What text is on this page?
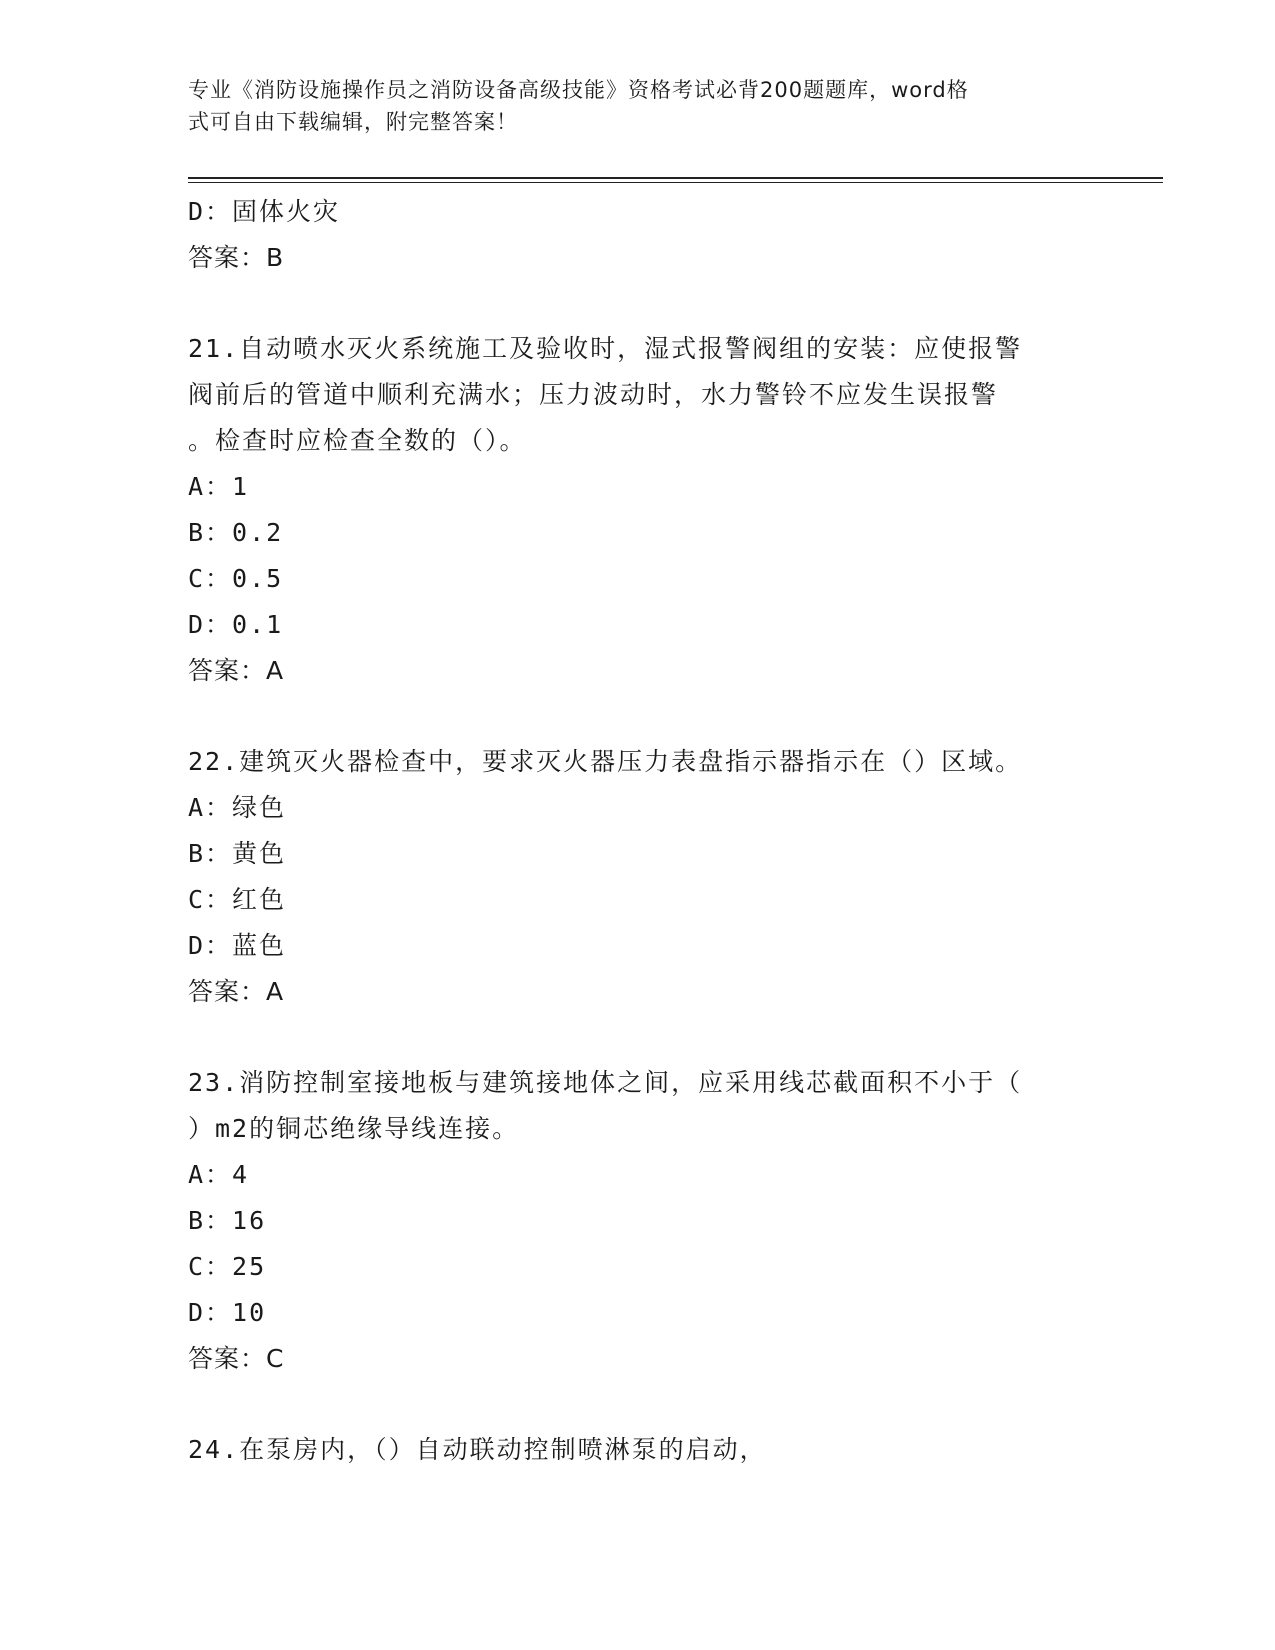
专业《消防设施操作员之消防设备高级技能》资格考试必背200题题库，word格
式可自由下载编辑，附完整答案！
D：固体火灾
答案：B
21.自动喷水灭火系统施工及验收时，湿式报警阀组的安装：应使报警
阀前后的管道中顺利充满水；压力波动时，水力警铃不应发生误报警
。检查时应检查全数的（）。
A：1
B：0.2
C：0.5
D：0.1
答案：A
22.建筑灭火器检查中，要求灭火器压力表盘指示器指示在（）区域。
A：绿色
B：黄色
C：红色
D：蓝色
答案：A
23.消防控制室接地板与建筑接地体之间，应采用线芯截面积不小于（
）m2的铜芯绝缘导线连接。
A：4
B：16
C：25
D：10
答案：C
24.在泵房内，（）自动联动控制喷淋泵的启动，
